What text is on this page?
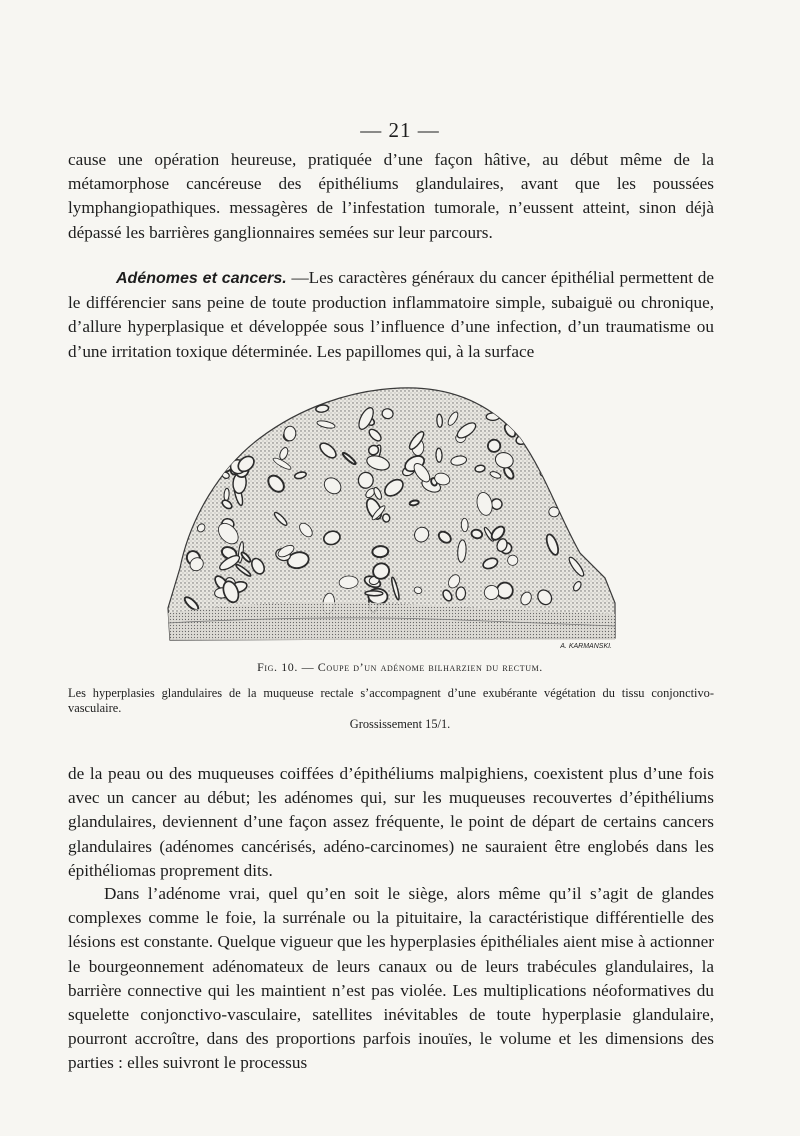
— 21 —

cause une opération heureuse, pratiquée d’une façon hâtive, au début même de la métamorphose cancéreuse des épithéliums glandulaires, avant que les poussées lymphangiopathiques. messagères de l’infestation tumorale, n’eussent atteint, sinon déjà dépassé les barrières ganglionnaires semées sur leur parcours.

Adénomes et cancers. —Les caractères généraux du cancer épithélial permettent de le différencier sans peine de toute production inflammatoire simple, subaiguë ou chronique, d’allure hyperplasique et développée sous l’influence d’une infection, d’un traumatisme ou d’une irritation toxique déterminée. Les papillomes qui, à la surface

A. KARMANSKI.
Fig. 10. — Coupe d’un adénome bilharzien du rectum.
Les hyperplasies glandulaires de la muqueuse rectale s’accompagnent d’une exubérante végétation du tissu conjonctivo-vasculaire.
Grossissement 15/1.

de la peau ou des muqueuses coiffées d’épithéliums malpighiens, coexistent plus d’une fois avec un cancer au début; les adénomes qui, sur les muqueuses recouvertes d’épithéliums glandulaires, deviennent d’une façon assez fréquente, le point de départ de certains cancers glandulaires (adénomes cancérisés, adéno-carcinomes) ne sauraient être englobés dans les épithéliomas proprement dits.

Dans l’adénome vrai, quel qu’en soit le siège, alors même qu’il s’agit de glandes complexes comme le foie, la surrénale ou la pituitaire, la caractéristique différentielle des lésions est constante. Quelque vigueur que les hyperplasies épithéliales aient mise à actionner le bourgeonnement adénomateux de leurs canaux ou de leurs trabécules glandulaires, la barrière connective qui les maintient n’est pas violée. Les multiplications néoformatives du squelette conjonctivo-vasculaire, satellites inévitables de toute hyperplasie glandulaire, pourront accroître, dans des proportions parfois inouïes, le volume et les dimensions des parties : elles suivront le processus
